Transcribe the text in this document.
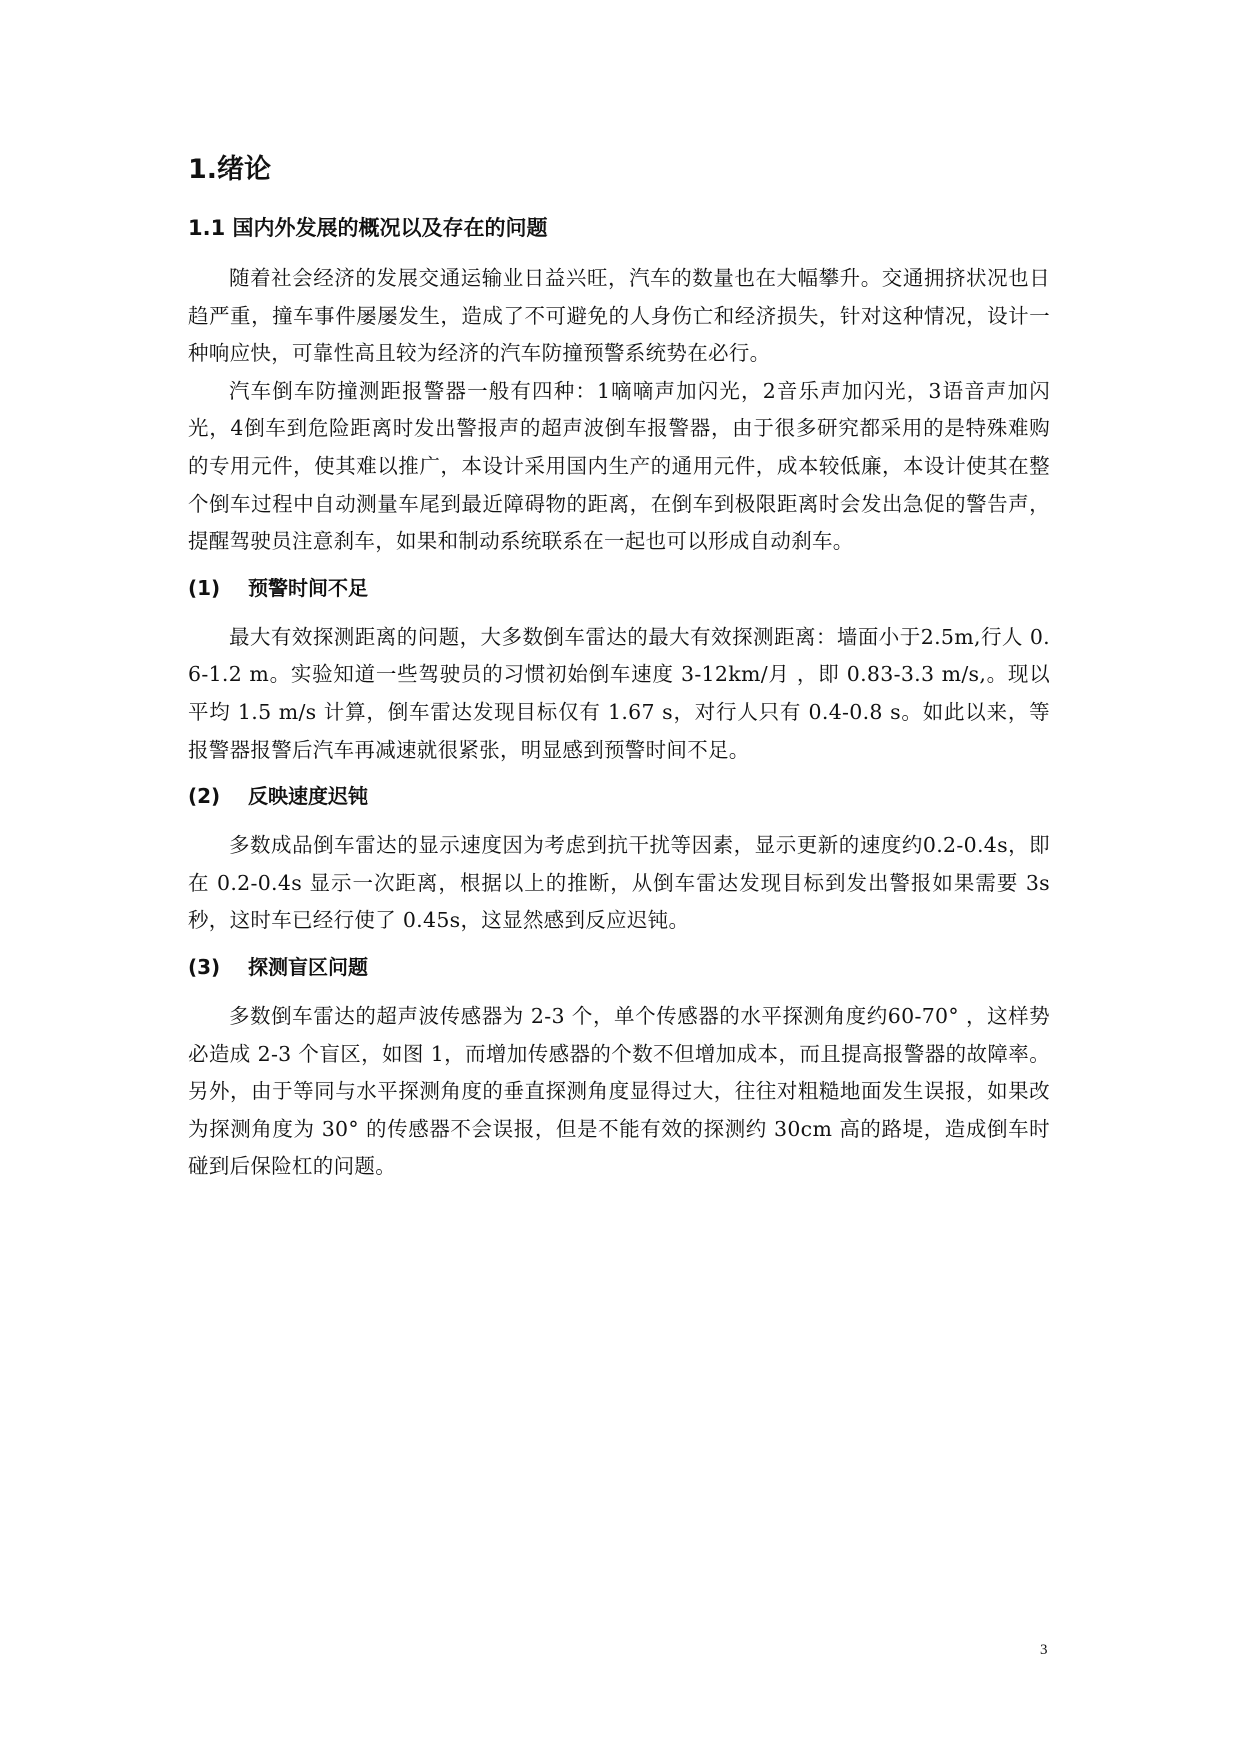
1.绪论
1.1 国内外发展的概况以及存在的问题

随着社会经济的发展交通运输业日益兴旺，汽车的数量也在大幅攀升。交通拥挤状况也日趋严重，撞车事件屡屡发生，造成了不可避免的人身伤亡和经济损失，针对这种情况，设计一种响应快，可靠性高且较为经济的汽车防撞预警系统势在必行。

汽车倒车防撞测距报警器一般有四种：1嘀嘀声加闪光，2音乐声加闪光，3语音声加闪光，4倒车到危险距离时发出警报声的超声波倒车报警器，由于很多研究都采用的是特殊难购的专用元件，使其难以推广，本设计采用国内生产的通用元件，成本较低廉，本设计使其在整个倒车过程中自动测量车尾到最近障碍物的距离，在倒车到极限距离时会发出急促的警告声，提醒驾驶员注意刹车，如果和制动系统联系在一起也可以形成自动刹车。

(1)	预警时间不足

最大有效探测距离的问题，大多数倒车雷达的最大有效探测距离：墙面小于2.5m,行人 0.6-1.2 m。实验知道一些驾驶员的习惯初始倒车速度 3-12km/月 ，即 0.83-3.3 m/s,。现以平均 1.5 m/s 计算，倒车雷达发现目标仅有 1.67 s，对行人只有 0.4-0.8 s。如此以来，等报警器报警后汽车再减速就很紧张，明显感到预警时间不足。

(2)	反映速度迟钝

多数成品倒车雷达的显示速度因为考虑到抗干扰等因素，显示更新的速度约0.2-0.4s，即在 0.2-0.4s 显示一次距离，根据以上的推断，从倒车雷达发现目标到发出警报如果需要 3s 秒，这时车已经行使了 0.45s，这显然感到反应迟钝。

(3)	探测盲区问题

多数倒车雷达的超声波传感器为 2-3 个，单个传感器的水平探测角度约60-70° ，这样势必造成 2-3 个盲区，如图 1，而增加传感器的个数不但增加成本，而且提高报警器的故障率。另外，由于等同与水平探测角度的垂直探测角度显得过大，往往对粗糙地面发生误报，如果改为探测角度为 30° 的传感器不会误报，但是不能有效的探测约 30cm 高的路堤，造成倒车时碰到后保险杠的问题。

3
